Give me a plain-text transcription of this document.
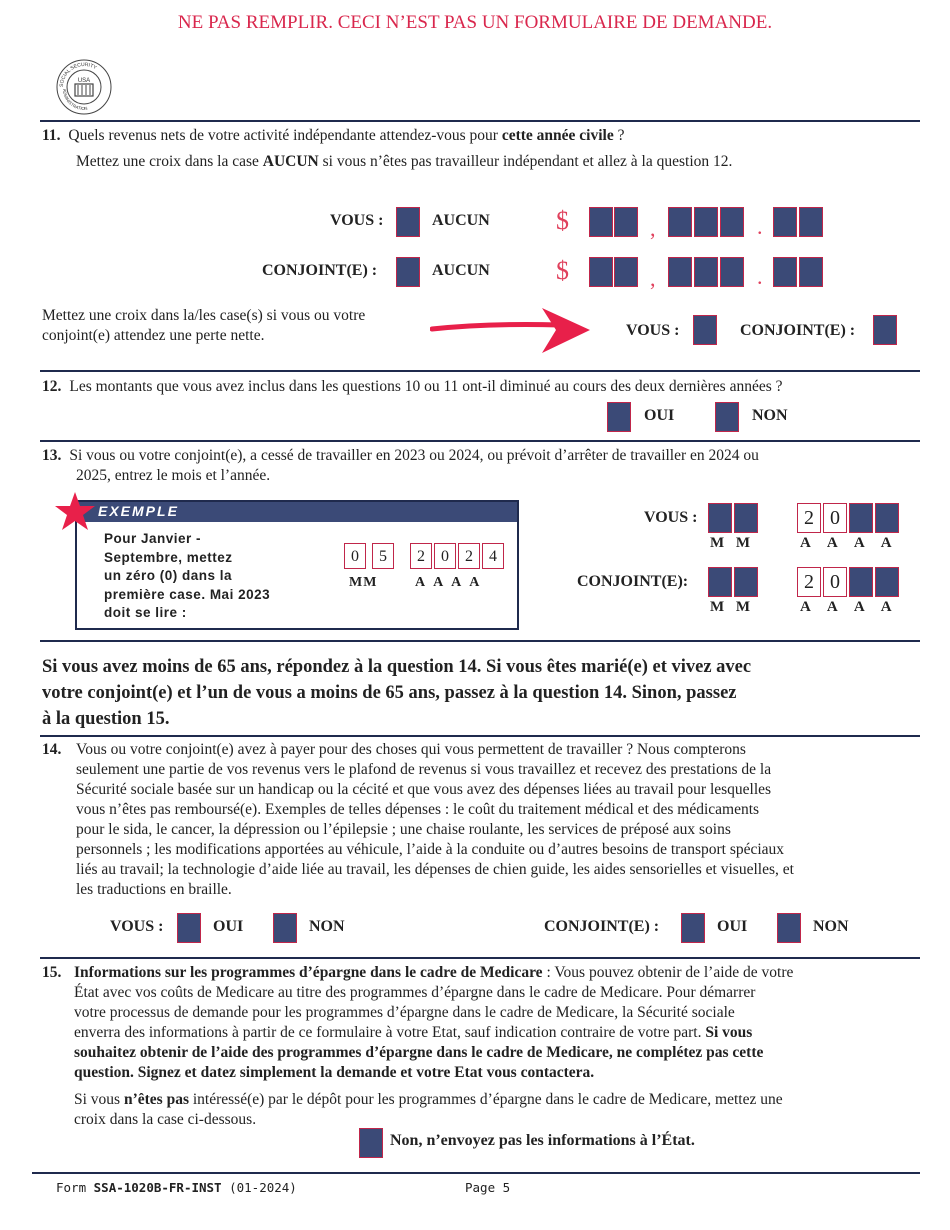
NE PAS REMPLIR. CECI N’EST PAS UN FORMULAIRE DE DEMANDE.
USA
SOCIAL SECURITY
ADMINISTRATION
11. Quels revenus nets de votre activité indépendante attendez-vous pour cette année civile ?
Mettez une croix dans la case AUCUN si vous n’êtes pas travailleur indépendant et allez à la question 12.
VOUS :	AUCUN	$	,	.
CONJOINT(E) :	AUCUN	$	,	.
Mettez une croix dans la/les case(s) si vous ou votre
conjoint(e) attendez une perte nette.	VOUS :	CONJOINT(E) :
12. Les montants que vous avez inclus dans les questions 10 ou 11 ont-il diminué au cours des deux dernières années ?
OUI	NON
13. Si vous ou votre conjoint(e), a cessé de travailler en 2023 ou 2024, ou prévoit d’arrêter de travailler en 2024 ou
2025, entrez le mois et l’année.
EXEMPLE
Pour Janvier -
Septembre, mettez
un zéro (0) dans la
première case. Mai 2023
doit se lire :
0	5	2	0	2	4
MM	A A A A
VOUS :	2 0
M M	A A A A
CONJOINT(E):	2 0
M M	A A A A
Si vous avez moins de 65 ans, répondez à la question 14. Si vous êtes marié(e) et vivez avec
votre conjoint(e) et l’un de vous a moins de 65 ans, passez à la question 14. Sinon, passez
à la question 15.
14. Vous ou votre conjoint(e) avez à payer pour des choses qui vous permettent de travailler ? Nous compterons
seulement une partie de vos revenus vers le plafond de revenus si vous travaillez et recevez des prestations de la
Sécurité sociale basée sur un handicap ou la cécité et que vous avez des dépenses liées au travail pour lesquelles
vous n’êtes pas remboursé(e). Exemples de telles dépenses : le coût du traitement médical et des médicaments
pour le sida, le cancer, la dépression ou l’épilepsie ; une chaise roulante, les services de préposé aux soins
personnels ; les modifications apportées au véhicule, l’aide à la conduite ou d’autres besoins de transport spéciaux
liés au travail; la technologie d’aide liée au travail, les dépenses de chien guide, les aides sensorielles et visuelles, et
les traductions en braille.
VOUS :	OUI	NON	CONJOINT(E) :	OUI	NON
15. Informations sur les programmes d’épargne dans le cadre de Medicare : Vous pouvez obtenir de l’aide de votre
État avec vos coûts de Medicare au titre des programmes d’épargne dans le cadre de Medicare. Pour démarrer
votre processus de demande pour les programmes d’épargne dans le cadre de Medicare, la Sécurité sociale
enverra des informations à partir de ce formulaire à votre Etat, sauf indication contraire de votre part. Si vous
souhaitez obtenir de l’aide des programmes d’épargne dans le cadre de Medicare, ne complétez pas cette
question. Signez et datez simplement la demande et votre Etat vous contactera.
Si vous n’êtes pas intéressé(e) par le dépôt pour les programmes d’épargne dans le cadre de Medicare, mettez une
croix dans la case ci-dessous.
Non, n’envoyez pas les informations à l’État.
Form SSA-1020B-FR-INST (01-2024)	Page 5
